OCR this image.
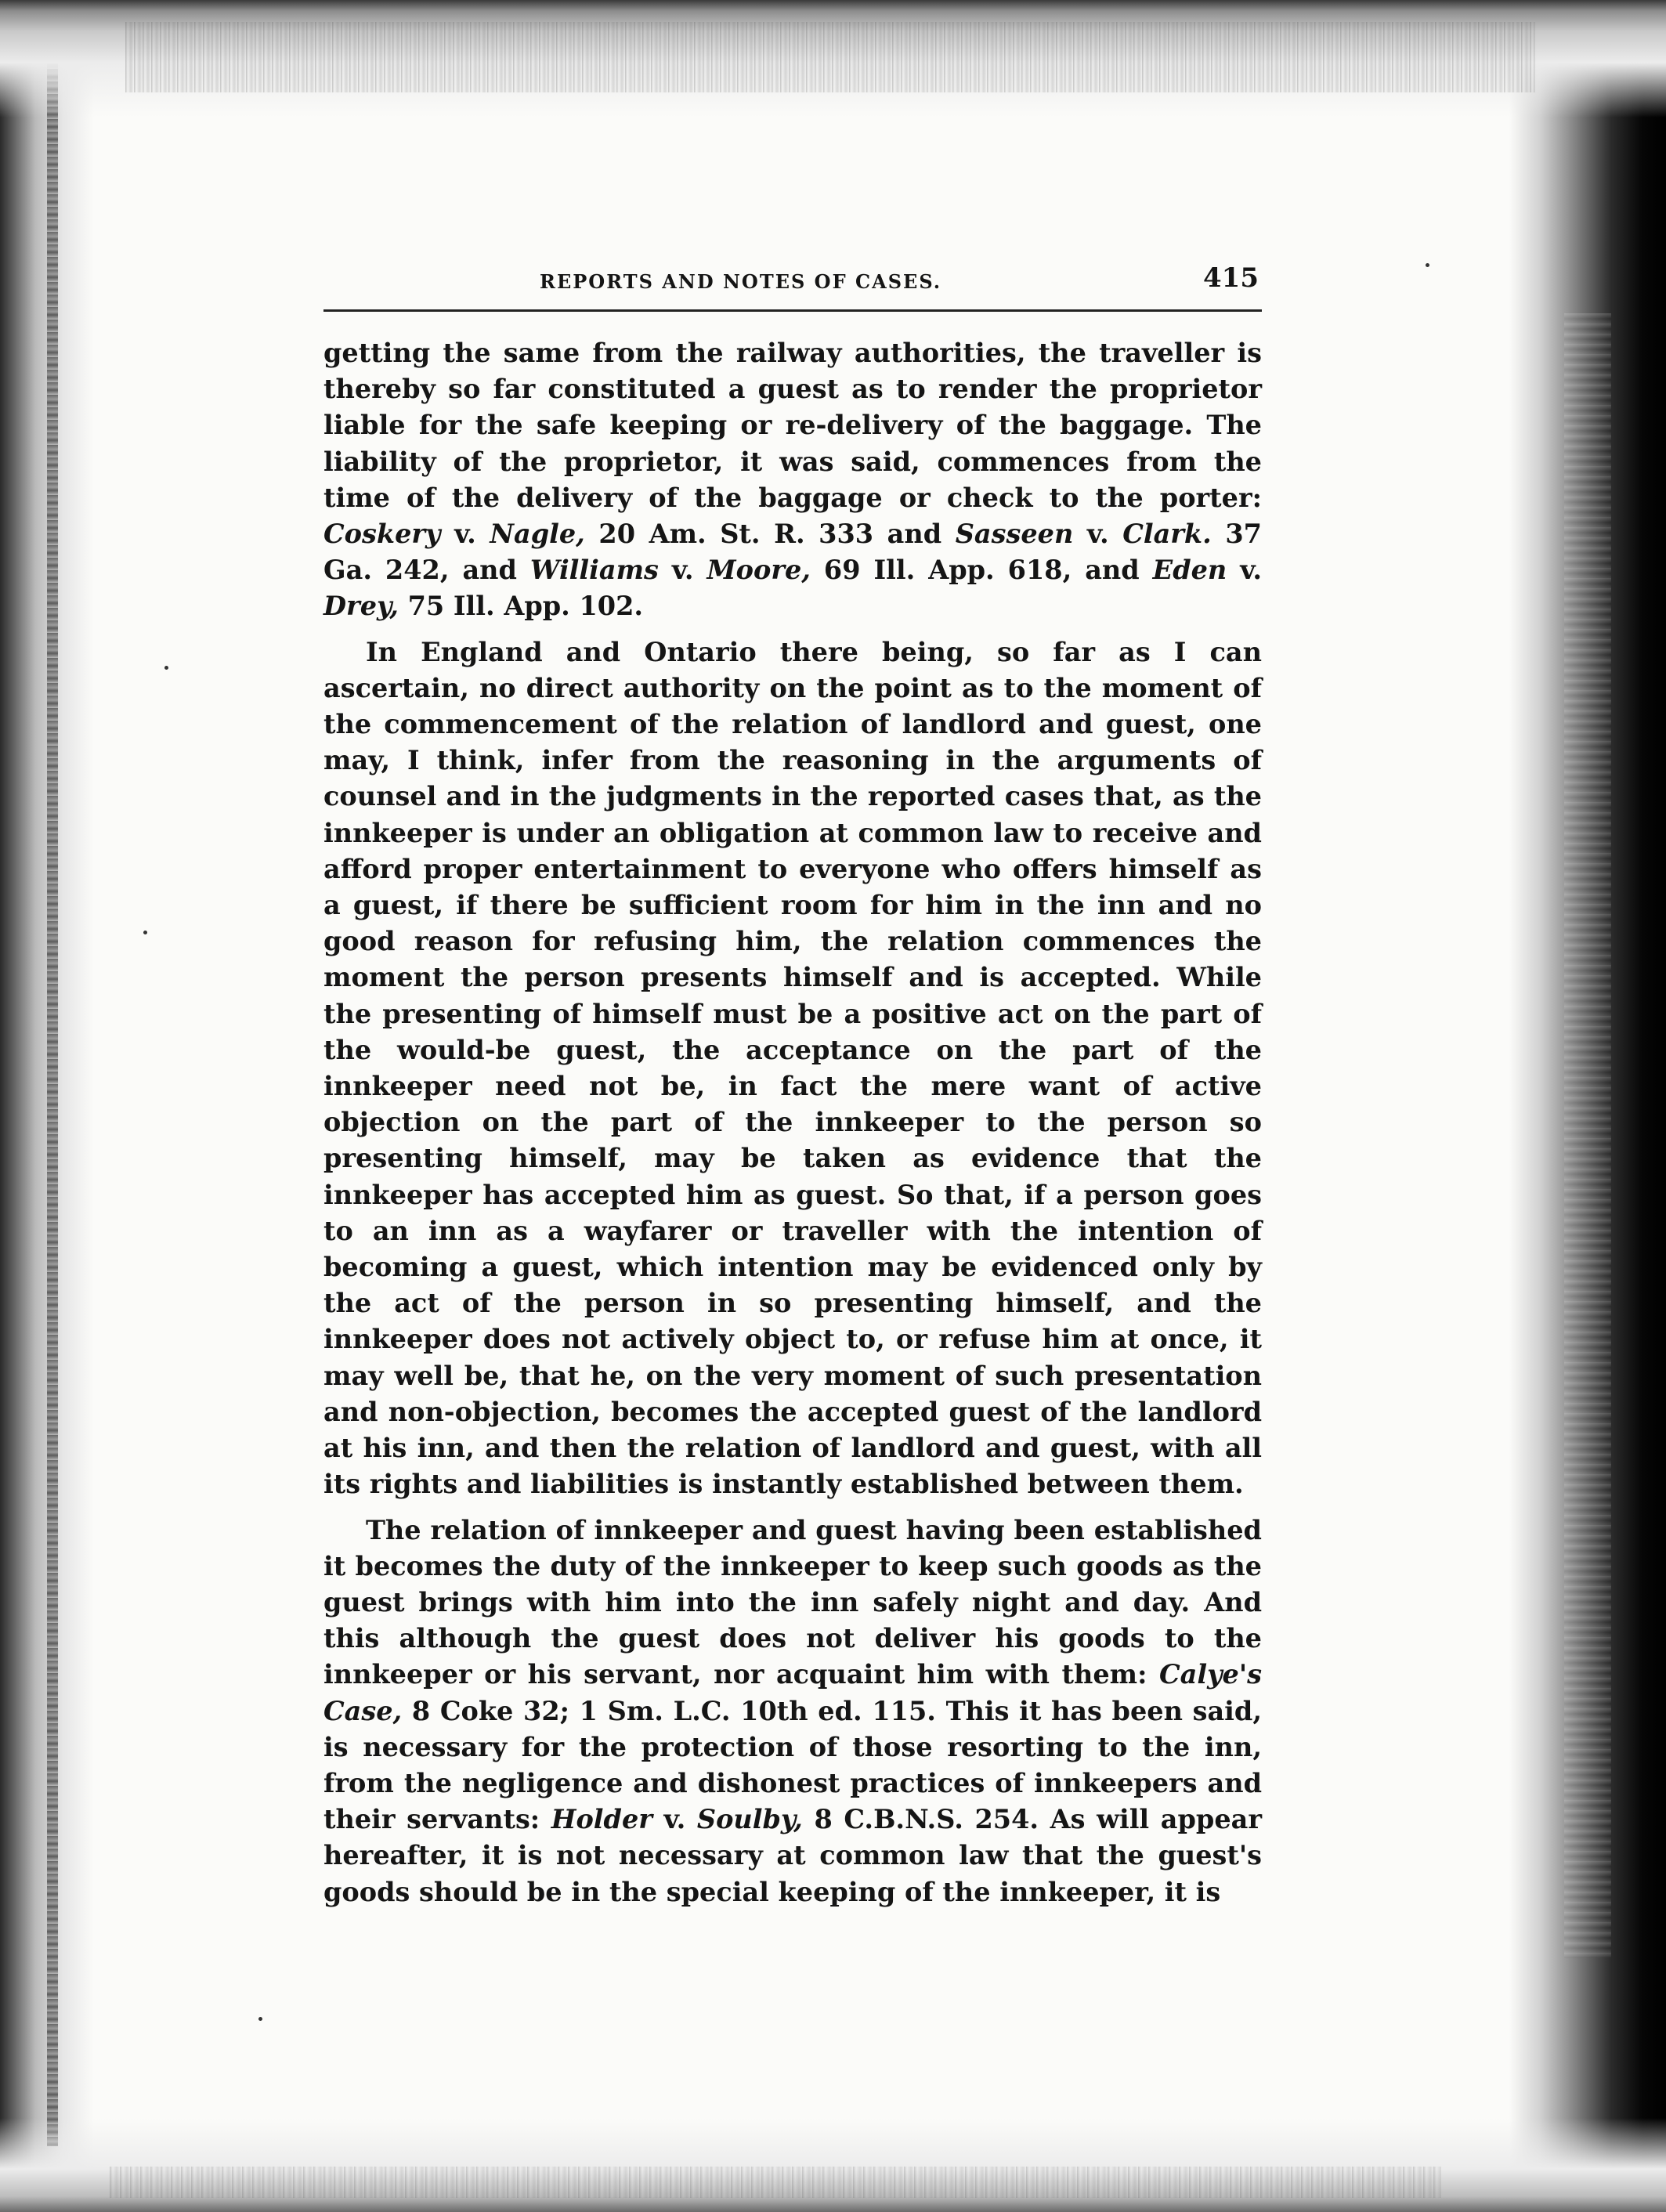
REPORTS AND NOTES OF CASES.	415

getting the same from the railway authorities, the traveller is thereby so far constituted a guest as to render the proprietor liable for the safe keeping or re-delivery of the baggage. The liability of the proprietor, it was said, commences from the time of the delivery of the baggage or check to the porter: Coskery v. Nagle, 20 Am. St. R. 333 and Sasseen v. Clark. 37 Ga. 242, and Williams v. Moore, 69 Ill. App. 618, and Eden v. Drey, 75 Ill. App. 102.

In England and Ontario there being, so far as I can ascertain, no direct authority on the point as to the moment of the commencement of the relation of landlord and guest, one may, I think, infer from the reasoning in the arguments of counsel and in the judgments in the reported cases that, as the innkeeper is under an obligation at common law to receive and afford proper entertainment to everyone who offers himself as a guest, if there be sufficient room for him in the inn and no good reason for refusing him, the relation commences the moment the person presents himself and is accepted. While the presenting of himself must be a positive act on the part of the would-be guest, the acceptance on the part of the innkeeper need not be, in fact the mere want of active objection on the part of the innkeeper to the person so presenting himself, may be taken as evidence that the innkeeper has accepted him as guest. So that, if a person goes to an inn as a wayfarer or traveller with the intention of becoming a guest, which intention may be evidenced only by the act of the person in so presenting himself, and the innkeeper does not actively object to, or refuse him at once, it may well be, that he, on the very moment of such presentation and non-objection, becomes the accepted guest of the landlord at his inn, and then the relation of landlord and guest, with all its rights and liabilities is instantly established between them.

The relation of innkeeper and guest having been established it becomes the duty of the innkeeper to keep such goods as the guest brings with him into the inn safely night and day. And this although the guest does not deliver his goods to the innkeeper or his servant, nor acquaint him with them: Calye's Case, 8 Coke 32; 1 Sm. L.C. 10th ed. 115. This it has been said, is necessary for the protection of those resorting to the inn, from the negligence and dishonest practices of innkeepers and their servants: Holder v. Soulby, 8 C.B.N.S. 254. As will appear hereafter, it is not necessary at common law that the guest's goods should be in the special keeping of the innkeeper, it is
